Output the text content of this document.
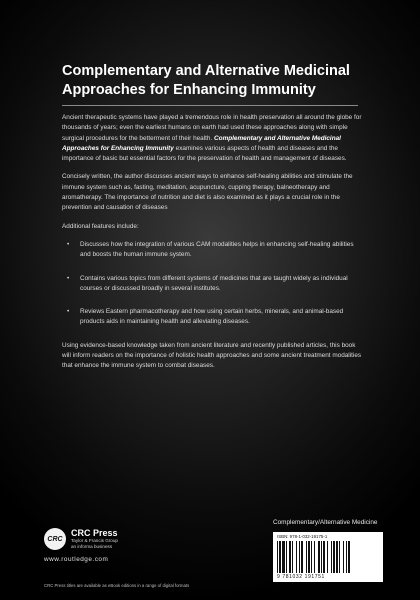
Complementary and Alternative Medicinal Approaches for Enhancing Immunity

Ancient therapeutic systems have played a tremendous role in health preservation all around the globe for thousands of years; even the earliest humans on earth had used these approaches along with simple surgical procedures for the betterment of their health. Complementary and Alternative Medicinal Approaches for Enhancing Immunity examines various aspects of health and diseases and the importance of basic but essential factors for the preservation of health and management of diseases.

Concisely written, the author discusses ancient ways to enhance self-healing abilities and stimulate the immune system such as, fasting, meditation, acupuncture, cupping therapy, balneotherapy and aromatherapy. The importance of nutrition and diet is also examined as it plays a crucial role in the prevention and causation of diseases

Additional features include:

• Discusses how the integration of various CAM modalities helps in enhancing self-healing abilities and boosts the human immune system.
• Contains various topics from different systems of medicines that are taught widely as individual courses or discussed broadly in several institutes.
• Reviews Eastern pharmacotherapy and how using certain herbs, minerals, and animal-based products aids in maintaining health and alleviating diseases.

Using evidence-based knowledge taken from ancient literature and recently published articles, this book will inform readers on the importance of holistic health approaches and some ancient treatment modalities that enhance the immune system to combat diseases.

CRC
CRC Press
Taylor & Francis Group
an informa business
www.routledge.com
CRC Press titles are available as eBook editions in a range of digital formats
Complementary/Alternative Medicine
ISBN: 978-1-032-19175-1
9 781032 191751
